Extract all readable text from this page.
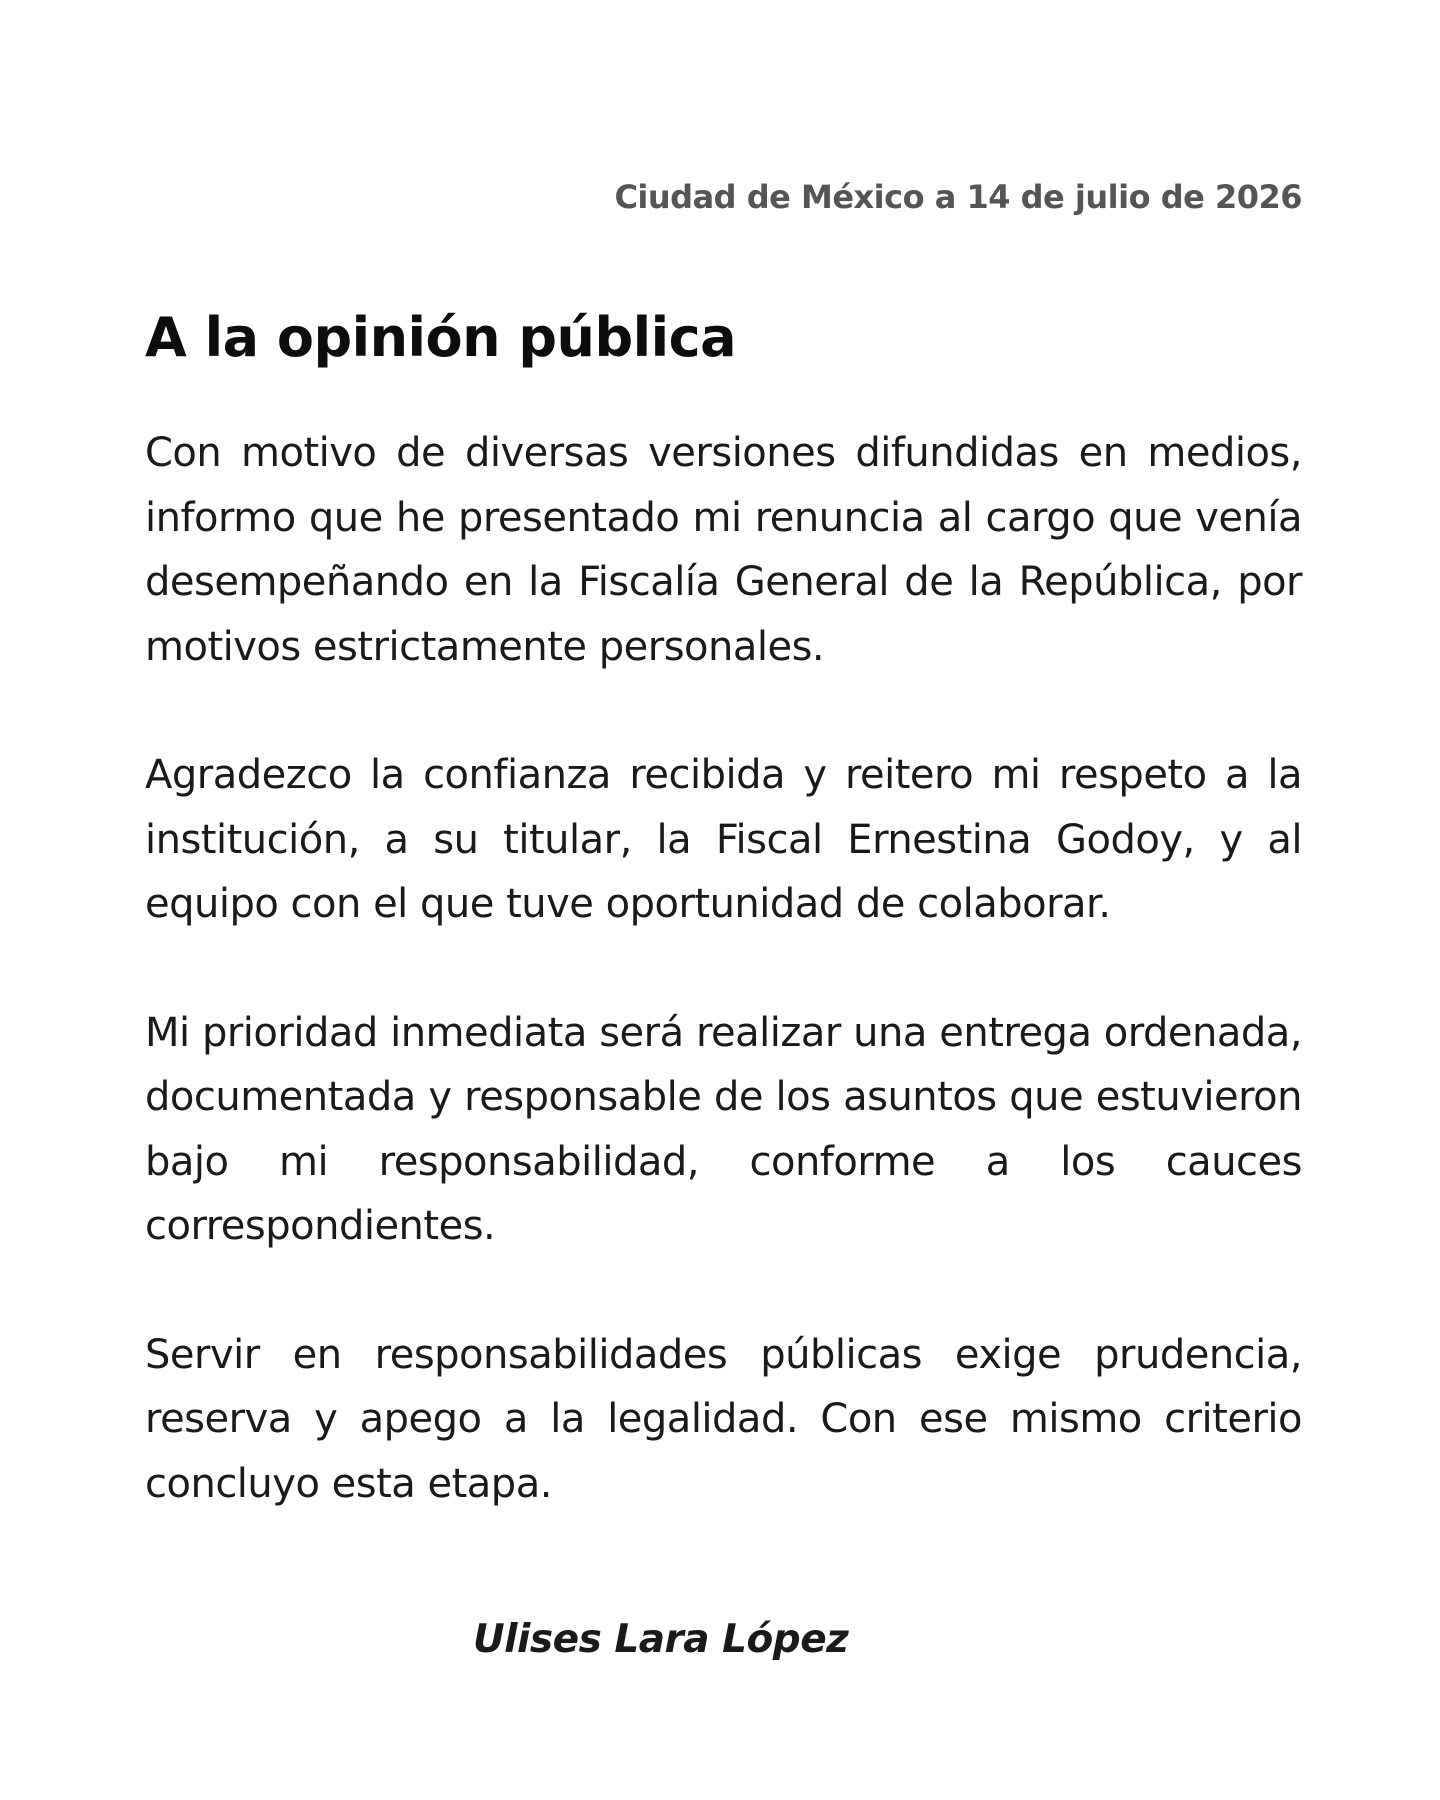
Ciudad de México a 14 de julio de 2026
A la opinión pública

Con motivo de diversas versiones difundidas en medios, informo que he presentado mi renuncia al cargo que venía desempeñando en la Fiscalía General de la República, por motivos estrictamente personales.

Agradezco la confianza recibida y reitero mi respeto a la institución, a su titular, la Fiscal Ernestina Godoy, y al equipo con el que tuve oportunidad de colaborar.

Mi prioridad inmediata será realizar una entrega ordenada, documentada y responsable de los asuntos que estuvieron bajo mi responsabilidad, conforme a los cauces correspondientes.

Servir en responsabilidades públicas exige prudencia, reserva y apego a la legalidad. Con ese mismo criterio concluyo esta etapa.

Ulises Lara López
